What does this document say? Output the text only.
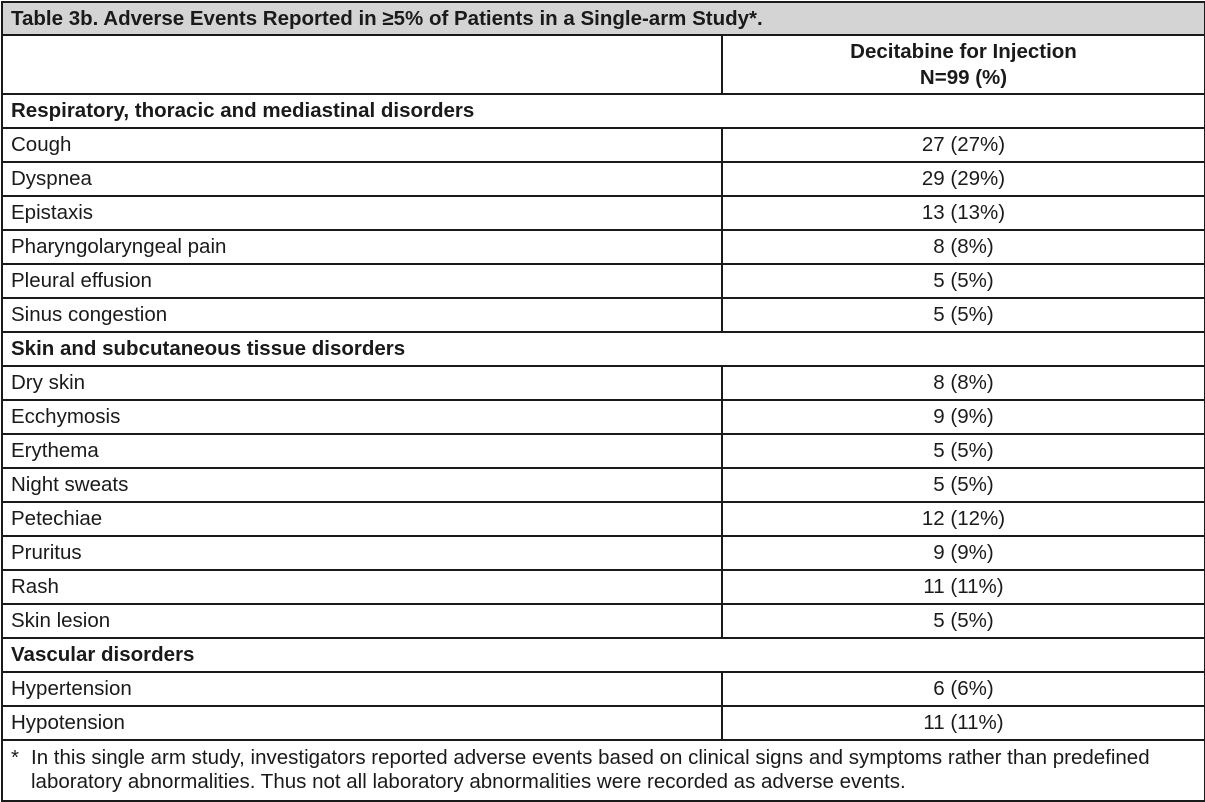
Table 3b. Adverse Events Reported in ≥5% of Patients in a Single-arm Study*.	

	Decitabine for Injection
N=99 (%)

Respiratory, thoracic and mediastinal disorders	
Cough	27 (27%)
Dyspnea	29 (29%)
Epistaxis	13 (13%)
Pharyngolaryngeal pain	8 (8%)
Pleural effusion	5 (5%)
Sinus congestion	5 (5%)
Skin and subcutaneous tissue disorders	
Dry skin	8 (8%)
Ecchymosis	9 (9%)
Erythema	5 (5%)
Night sweats	5 (5%)
Petechiae	12 (12%)
Pruritus	9 (9%)
Rash	11 (11%)
Skin lesion	5 (5%)
Vascular disorders	
Hypertension	6 (6%)
Hypotension	11 (11%)

* In this single arm study, investigators reported adverse events based on clinical signs and symptoms rather than predefined laboratory abnormalities. Thus not all laboratory abnormalities were recorded as adverse events.	
